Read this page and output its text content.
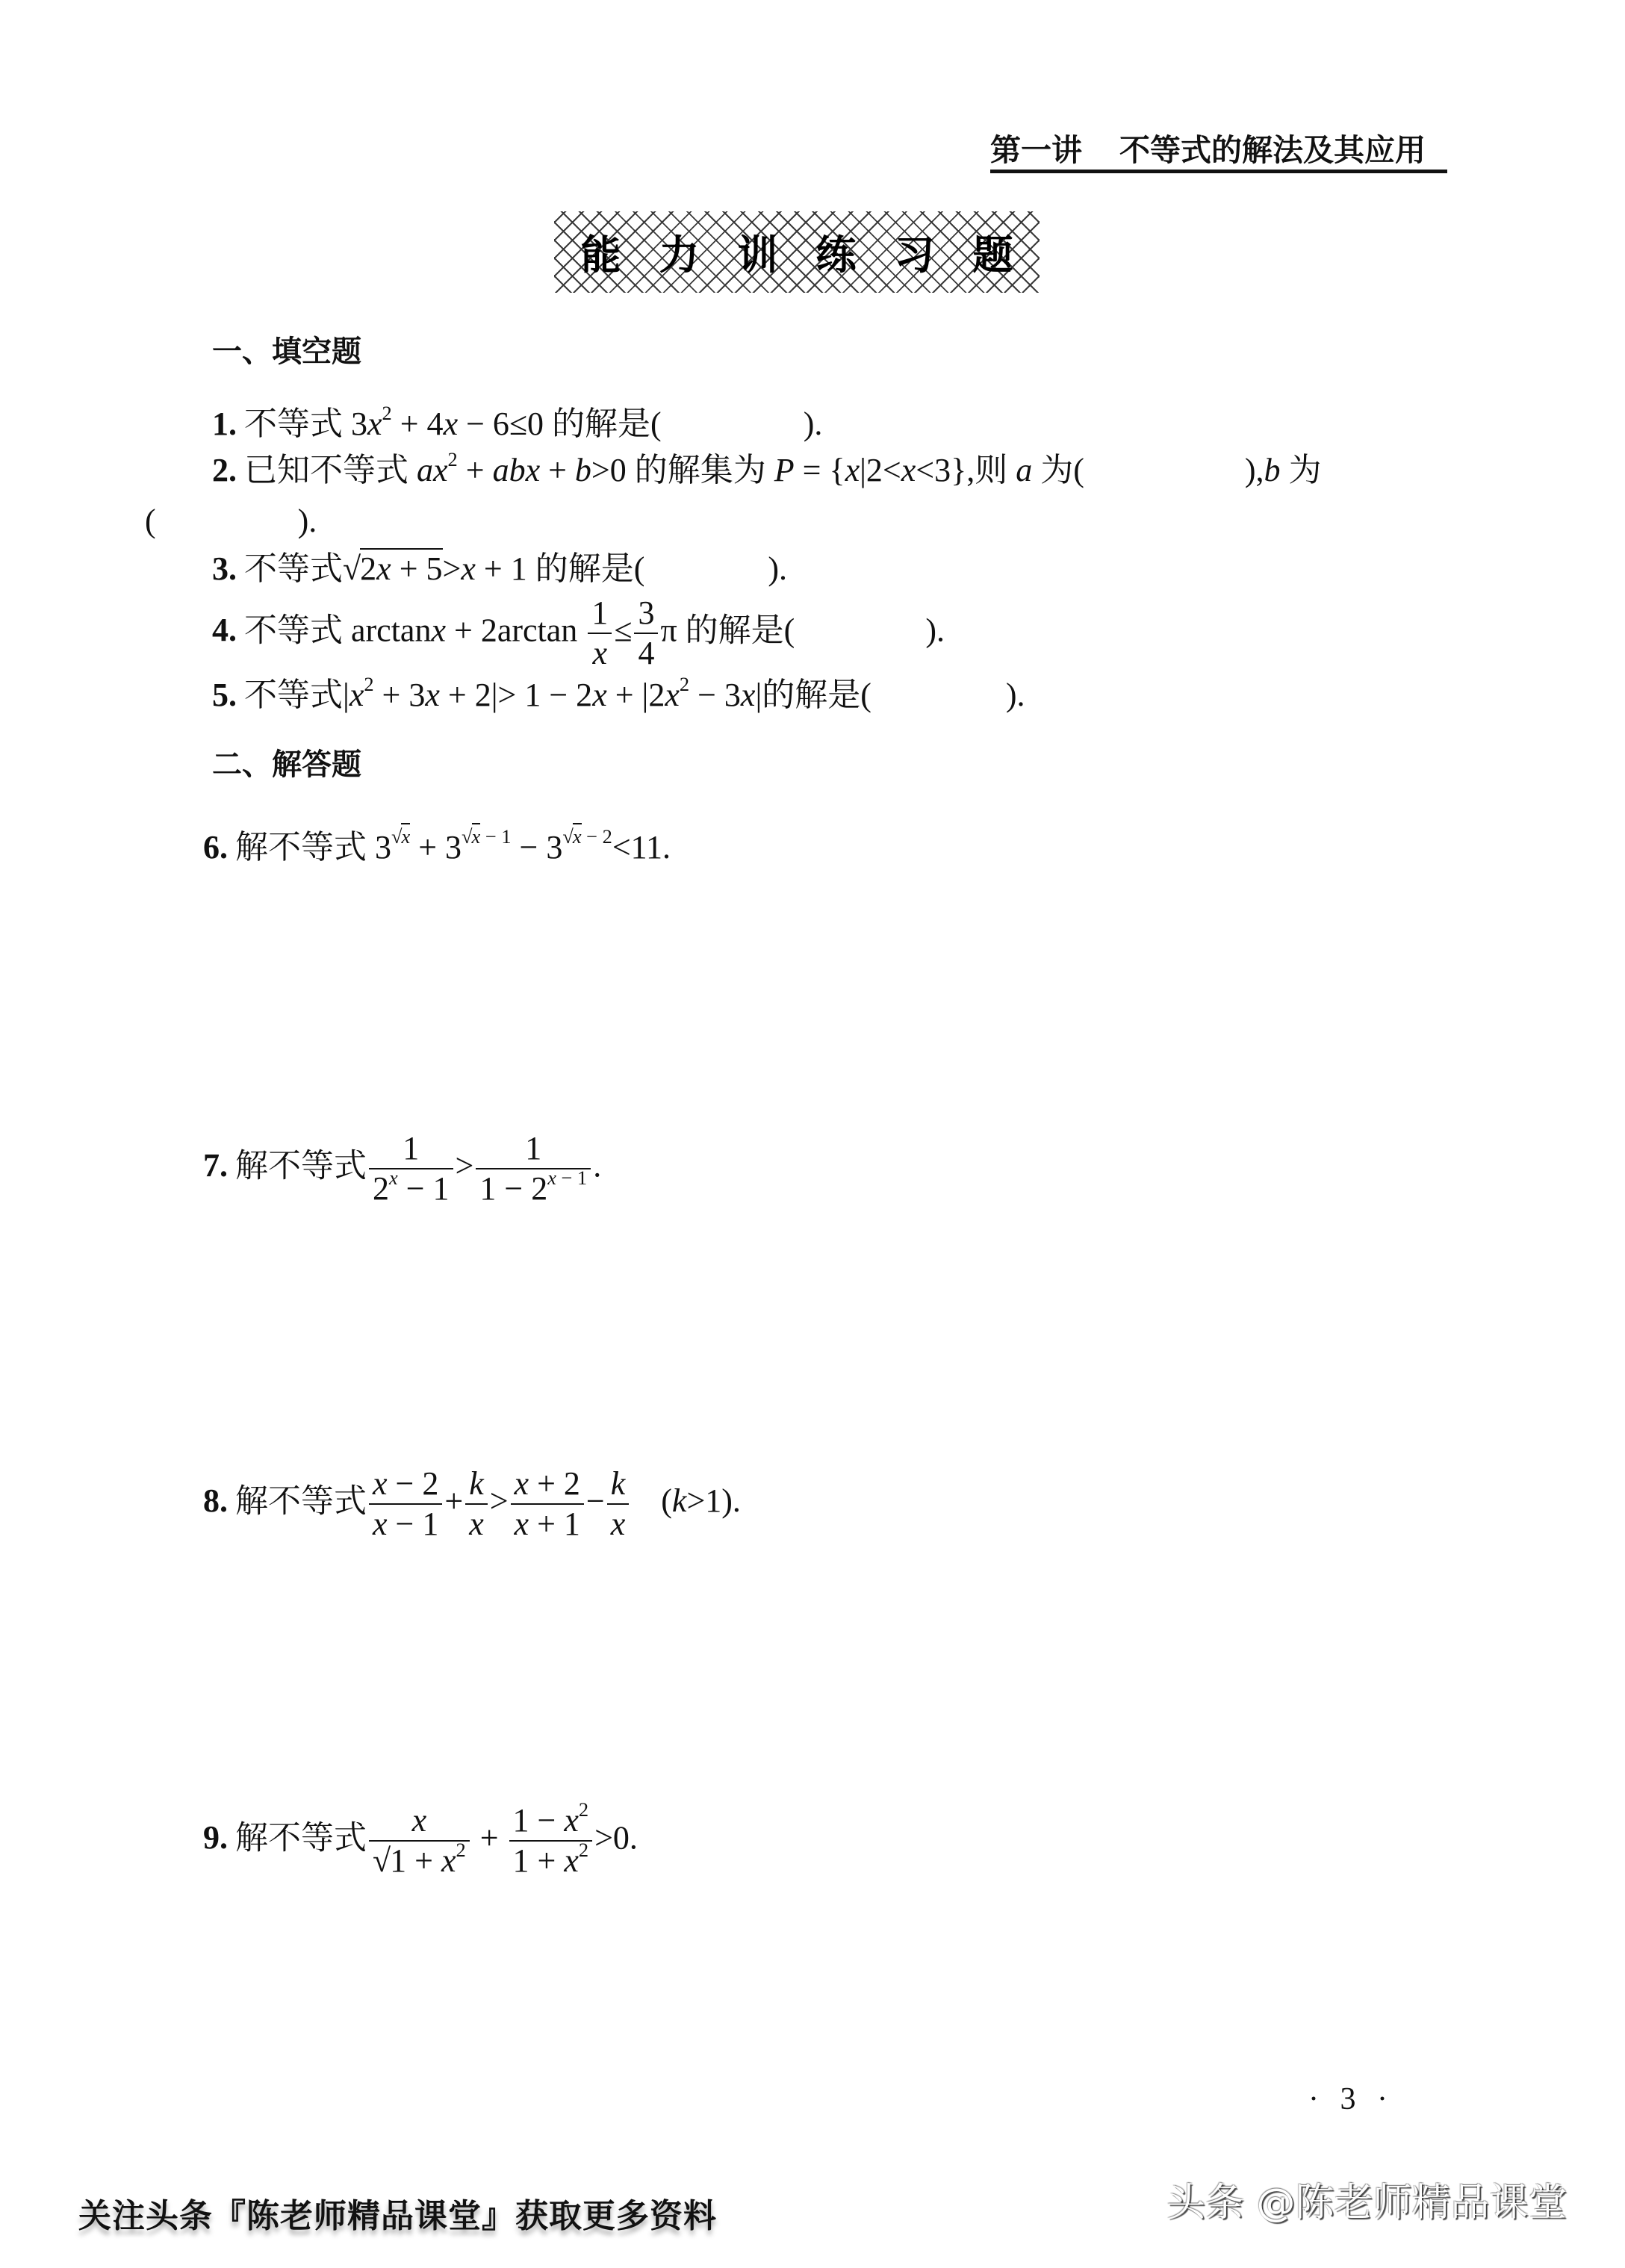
第一讲 不等式的解法及其应用
能力训练习题
一、填空题
1. 不等式 $3x^2 + 4x - 6\le 0$ 的解是(	).
2. 已知不等式 $ax^2$ + abx + b>0 的解集为 P = {x|2<x<3},则 a 为(	),b 为
(	).
3. 不等式√2x + 5>x + 1 的解是(	).
4. 不等式 $\arctan x + 2\arctan \frac{1}{x} \le \frac{3}{4}$ π 的解是(	).
5. 不等式$|x^2 + 3x + 2|> 1 - 2x + |2x^2 - 3x|$的解是(	).
二、解答题
6. 解不等式 $3^{√x} + 3^{√x - 1} - 3^{√x - 2}<11$.
7. 解不等式 $\frac{1}{2^x - 1} > \frac{1}{1 - 2^{x - 1}}$ .
8. 解不等式 $\frac{x - 2}{x - 1} + \frac{k}{x} > \frac{x + 2}{x + 1} - \frac{k}{x} (k>1)$.
9. 解不等式 $\frac{x}{√1 + x^2} + \frac{1 - x^2}{1 + x^2} >0$.
· 3 ·
关注头条『陈老师精品课堂』获取更多资料	头条 @陈老师精品课堂
